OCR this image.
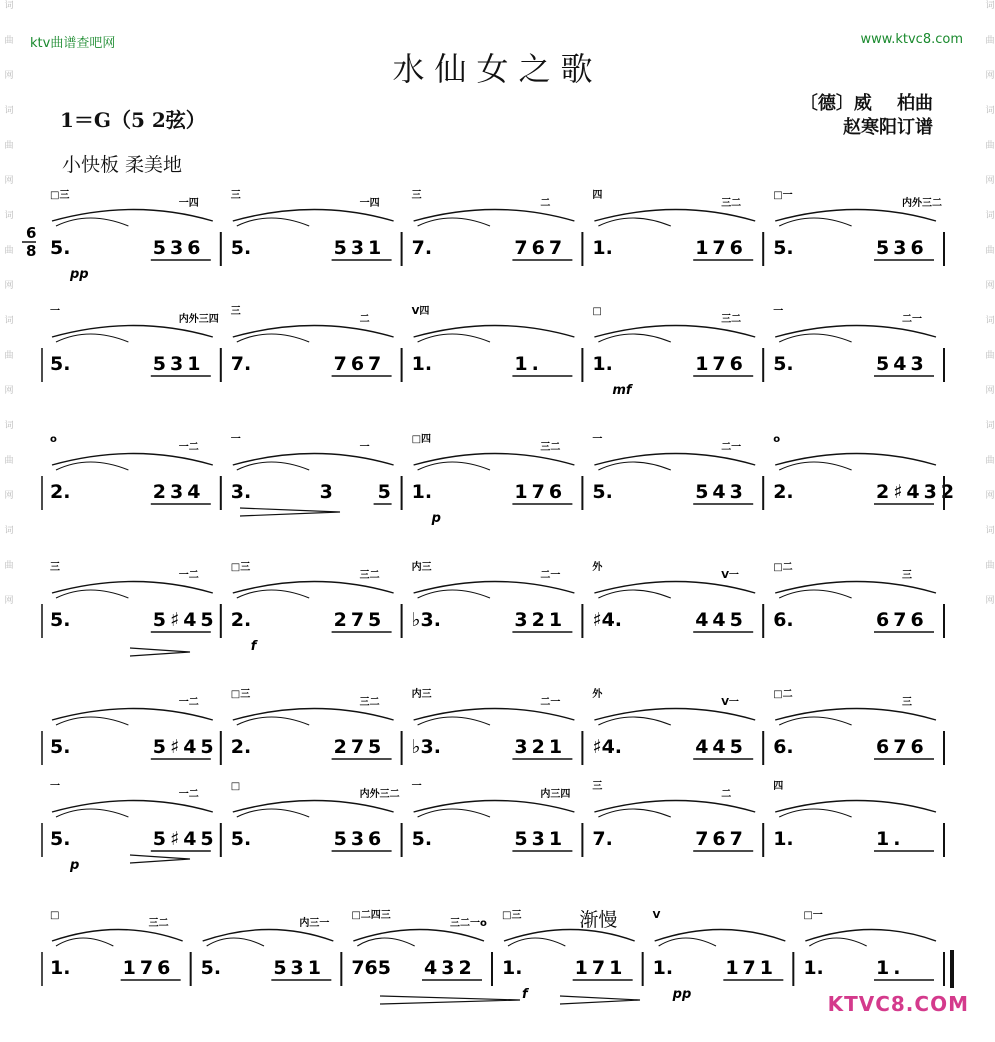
词
曲
网
词
曲
网
词
曲
网
词
曲
网
词
曲
网
词
曲
网
词
曲
网
词
曲
网
词
曲
网
词
曲
网
词
曲
网
词
曲
网
ktv曲谱查吧网	www.ktvc8.com
水仙女之歌
1＝G（5 2弦）
小快板 柔美地
〔德〕威    柏曲
赵寒阳订谱
6
8
□三
一四
5.	536
pp
三
一四
5.	531
三
二
7.	767
四
三二
1.	176
□一
内外三二
5.	536
一
内外三四
5.	531
三
二
7.	767
V四
1.	1.
□
三二
1.	176
mf
一
二一
5.	543
o
一二
2.	234
一
一
3.	3 5
□四
三二
1.	176
p
一
二一
5.	543
o
2.	2♯432
三
一二
5.	5♯45
□三
三二
2.	275
f
内三
二一
♭3.	321
外
V一
♯4.	445
□二
三
6.	676
一二
5.	5♯45
□三
三二
2.	275
内三
二一
♭3.	321
外
V一
♯4.	445
□二
三
6.	676
一
一二
5.	5♯45
p
□
内外三二
5.	536
一
内三四
5.	531
三
二
7.	767
四
1.	1.
□
三二
1.	176
内三一
5.	531
□二四三
三二一o
765 432
□三
1.	171
f
渐慢	V
1.	171
pp
□一
1.	1.
KTVC8.COM
